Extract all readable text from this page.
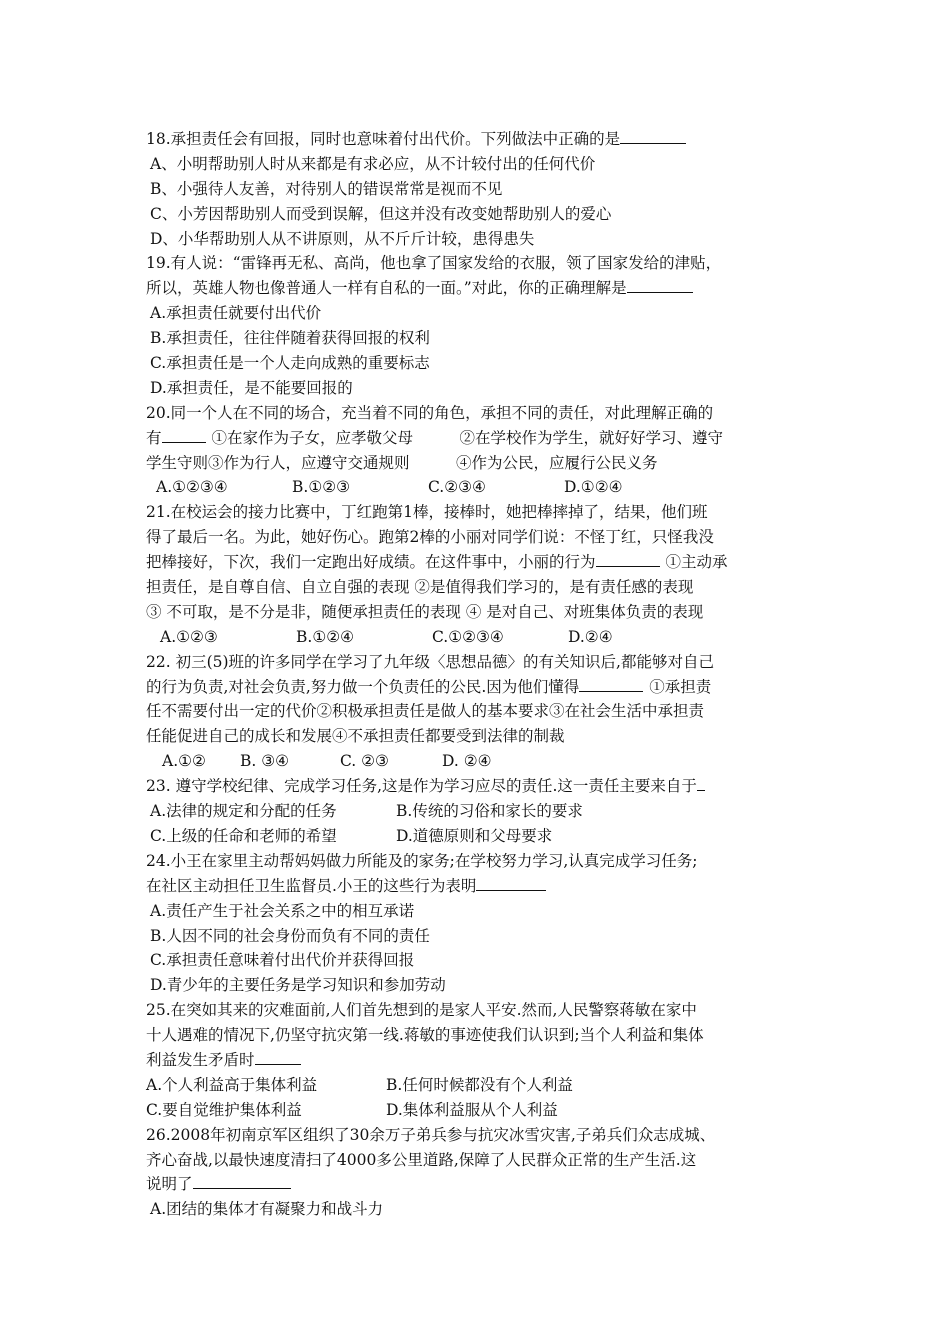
18.承担责任会有回报，同时也意味着付出代价。下列做法中正确的是
A、小明帮助别人时从来都是有求必应，从不计较付出的任何代价
B、小强待人友善，对待别人的错误常常是视而不见
C、小芳因帮助别人而受到误解，但这并没有改变她帮助别人的爱心
D、小华帮助别人从不讲原则，从不斤斤计较，患得患失
19.有人说：“雷锋再无私、高尚，他也拿了国家发给的衣服，领了国家发给的津贴，
所以，英雄人物也像普通人一样有自私的一面。”对此，你的正确理解是
A.承担责任就要付出代价
B.承担责任，往往伴随着获得回报的权利
C.承担责任是一个人走向成熟的重要标志
D.承担责任，是不能要回报的
20.同一个人在不同的场合，充当着不同的角色，承担不同的责任，对此理解正确的
有	①在家作为子女，应孝敬父母　　　②在学校作为学生，就好好学习、遵守
学生守则③作为行人，应遵守交通规则　　　④作为公民，应履行公民义务
A.①②③④	B.①②③	C.②③④	D.①②④
21.在校运会的接力比赛中，丁红跑第1棒，接棒时，她把棒摔掉了，结果，他们班
得了最后一名。为此，她好伤心。跑第2棒的小丽对同学们说：不怪丁红，只怪我没
把棒接好，下次，我们一定跑出好成绩。在这件事中，小丽的行为	①主动承
担责任，是自尊自信、自立自强的表现 ②是值得我们学习的，是有责任感的表现
③ 不可取，是不分是非，随便承担责任的表现 ④ 是对自己、对班集体负责的表现
A.①②③	B.①②④	C.①②③④	D.②④
22. 初三(5)班的许多同学在学习了九年级〈思想品德〉的有关知识后,都能够对自己
的行为负责,对社会负责,努力做一个负责任的公民.因为他们懂得	①承担责
任不需要付出一定的代价②积极承担责任是做人的基本要求③在社会生活中承担责
任能促进自己的成长和发展④不承担责任都要受到法律的制裁
A.①② B. ③④	C. ②③	D. ②④
23. 遵守学校纪律、完成学习任务,这是作为学习应尽的责任.这一责任主要来自于
A.法律的规定和分配的任务	B.传统的习俗和家长的要求
C.上级的任命和老师的希望	D.道德原则和父母要求
24.小王在家里主动帮妈妈做力所能及的家务;在学校努力学习,认真完成学习任务;
在社区主动担任卫生监督员.小王的这些行为表明
A.责任产生于社会关系之中的相互承诺
B.人因不同的社会身份而负有不同的责任
C.承担责任意味着付出代价并获得回报
D.青少年的主要任务是学习知识和参加劳动
25.在突如其来的灾难面前,人们首先想到的是家人平安.然而,人民警察蒋敏在家中
十人遇难的情况下,仍坚守抗灾第一线.蒋敏的事迹使我们认识到;当个人利益和集体
利益发生矛盾时
A.个人利益高于集体利益	B.任何时候都没有个人利益
C.要自觉维护集体利益	D.集体利益服从个人利益
26.2008年初南京军区组织了30余万子弟兵参与抗灾冰雪灾害,子弟兵们众志成城、
齐心奋战,以最快速度清扫了4000多公里道路,保障了人民群众正常的生产生活.这
说明了
A.团结的集体才有凝聚力和战斗力
